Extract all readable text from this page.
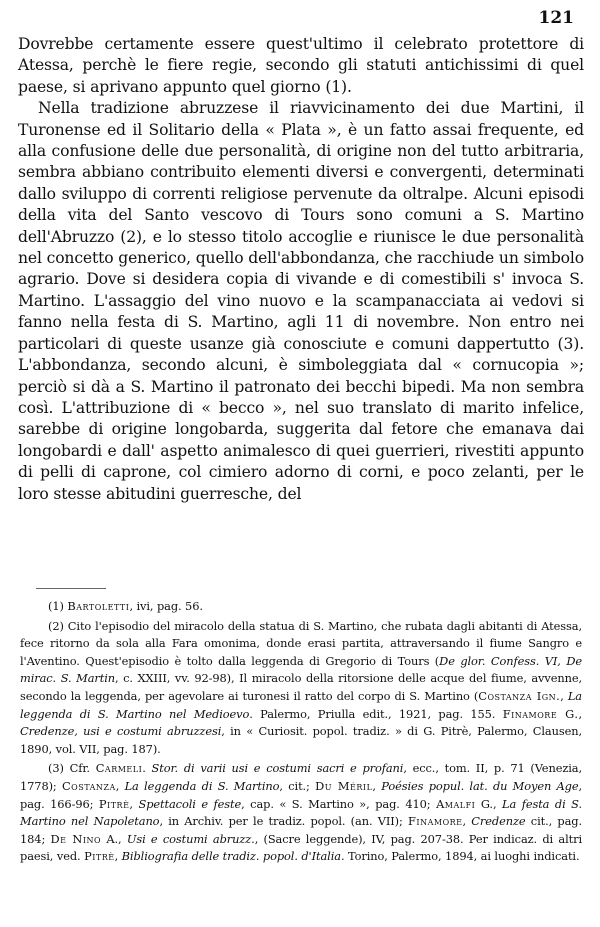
121

Dovrebbe certamente essere quest'ultimo il celebrato protettore di Atessa, perchè le fiere regie, secondo gli statuti antichissimi di quel paese, si aprivano appunto quel giorno (1).

Nella tradizione abruzzese il riavvicinamento dei due Martini, il Turonense ed il Solitario della « Plata », è un fatto assai frequente, ed alla confusione delle due personalità, di origine non del tutto arbitraria, sembra abbiano contribuito elementi diversi e convergenti, determinati dallo sviluppo di correnti religiose pervenute da oltralpe. Alcuni episodi della vita del Santo vescovo di Tours sono comuni a S. Martino dell'Abruzzo (2), e lo stesso titolo accoglie e riunisce le due personalità nel concetto generico, quello dell'abbondanza, che racchiude un simbolo agrario. Dove si desidera copia di vivande e di comestibili s' invoca S. Martino. L'assaggio del vino nuovo e la scampanacciata ai vedovi si fanno nella festa di S. Martino, agli 11 di novembre. Non entro nei particolari di queste usanze già conosciute e comuni dappertutto (3). L'abbondanza, secondo alcuni, è simboleggiata dal « cornucopia »; perciò si dà a S. Martino il patronato dei becchi bipedi. Ma non sembra così. L'attribuzione di « becco », nel suo translato di marito infelice, sarebbe di origine longobarda, suggerita dal fetore che emanava dai longobardi e dall' aspetto animalesco di quei guerrieri, rivestiti appunto di pelli di caprone, col cimiero adorno di corni, e poco zelanti, per le loro stesse abitudini guerresche, del

(1) Bartoletti, ivi, pag. 56.

(2) Cito l'episodio del miracolo della statua di S. Martino, che rubata dagli abitanti di Atessa, fece ritorno da sola alla Fara omonima, donde erasi partita, attraversando il fiume Sangro e l'Aventino. Quest'episodio è tolto dalla leggenda di Gregorio di Tours (De glor. Confess. VI, De mirac. S. Martin, c. XXIII, vv. 92-98), Il miracolo della ritorsione delle acque del fiume, avvenne, secondo la leggenda, per agevolare ai turonesi il ratto del corpo di S. Martino (Costanza Ign., La leggenda di S. Martino nel Medioevo. Palermo, Priulla edit., 1921, pag. 155. Finamore G., Credenze, usi e costumi abruzzesi, in « Curiosit. popol. tradiz. » di G. Pitrè, Palermo, Clausen, 1890, vol. VII, pag. 187).

(3) Cfr. Carmeli. Stor. di varii usi e costumi sacri e profani, ecc., tom. II, p. 71 (Venezia, 1778); Costanza, La leggenda di S. Martino, cit.; Du Méril, Poésies popul. lat. du Moyen Age, pag. 166-96; Pitrè, Spettacoli e feste, cap. « S. Martino », pag. 410; Amalfi G., La festa di S. Martino nel Napoletano, in Archiv. per le tradiz. popol. (an. VII); Finamore, Credenze cit., pag. 184; De Nino A., Usi e costumi abruzz., (Sacre leggende), IV, pag. 207-38. Per indicaz. di altri paesi, ved. Pitrè, Bibliografia delle tradiz. popol. d'Italia. Torino, Palermo, 1894, ai luoghi indicati.
